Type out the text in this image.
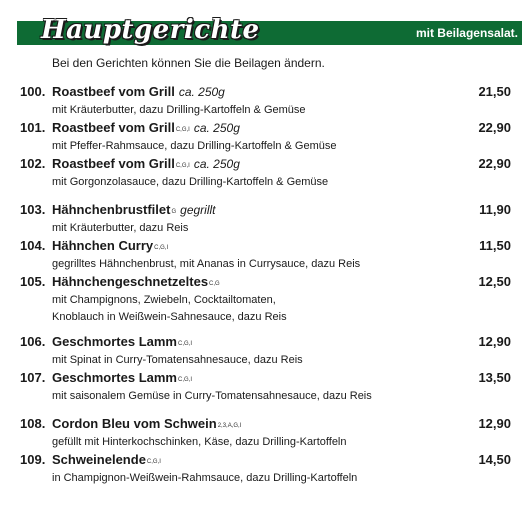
Hauptgerichte	mit Beilagensalat.
Bei den Gerichten können Sie die Beilagen ändern.
100. Roastbeef vom Grill ca. 250g	21,50
mit Kräuterbutter, dazu Drilling-Kartoffeln & Gemüse
101. Roastbeef vom GrillC,G,I ca. 250g	22,90
mit Pfeffer-Rahmsauce, dazu Drilling-Kartoffeln & Gemüse
102. Roastbeef vom GrillC,G,I ca. 250g	22,90
mit Gorgonzolasauce, dazu Drilling-Kartoffeln & Gemüse
103. HähnchenbrustfiletG gegrillt	11,90
mit Kräuterbutter, dazu Reis
104. Hähnchen CurryC,G,I	11,50
gegrilltes Hähnchenbrust, mit Ananas in Currysauce, dazu Reis
105. HähnchengeschnetzeltesC,G	12,50
mit Champignons, Zwiebeln, Cocktailtomaten,
Knoblauch in Weißwein-Sahnesauce, dazu Reis
106. Geschmortes LammC,G,I	12,90
mit Spinat in Curry-Tomatensahnesauce, dazu Reis
107. Geschmortes LammC,G,I	13,50
mit saisonalem Gemüse in Curry-Tomatensahnesauce, dazu Reis
108. Cordon Bleu vom Schwein2,3,A,G,I	12,90
gefüllt mit Hinterkochschinken, Käse, dazu Drilling-Kartoffeln
109. SchweinelendeC,G,I	14,50
in Champignon-Weißwein-Rahmsauce, dazu Drilling-Kartoffeln
